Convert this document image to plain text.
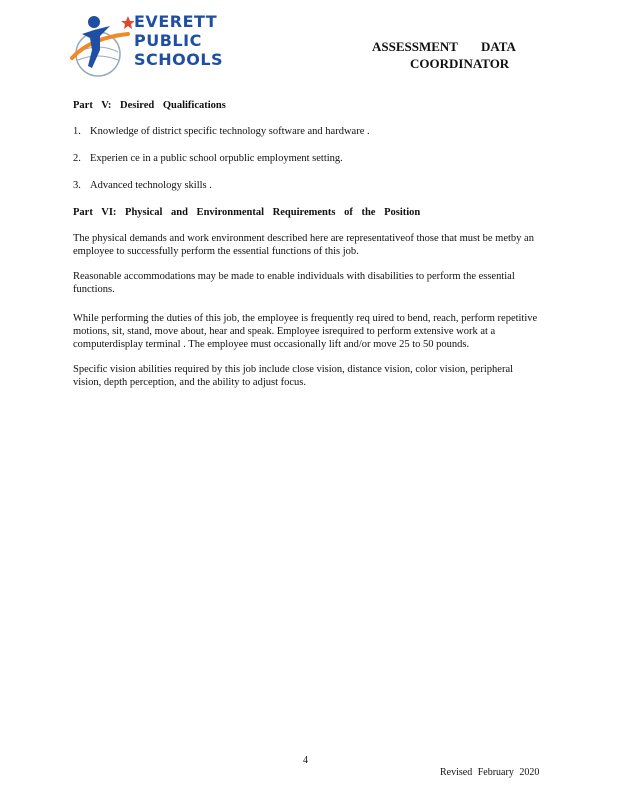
EVERETT
PUBLIC
SCHOOLS
ASSESSMENT DATA
COORDINATOR
Part V: Desired Qualifications
1. Knowledge of district specific technology software and hardware .
2. Experien ce in a public school orpublic employment setting.
3. Advanced technology skills .
Part VI: Physical and Environmental Requirements of the Position

The physical demands and work environment described here are representativeof those that must be metby an employee to successfully perform the essential functions of this job.

Reasonable accommodations may be made to enable individuals with disabilities to perform the essential functions.

While performing the duties of this job, the employee is frequently req uired to bend, reach, perform repetitive motions, sit, stand, move about, hear and speak. Employee isrequired to perform extensive work at a computerdisplay terminal . The employee must occasionally lift and/or move 25 to 50 pounds.

Specific vision abilities required by this job include close vision, distance vision, color vision, peripheral vision, depth perception, and the ability to adjust focus.

4
Revised February 2020
